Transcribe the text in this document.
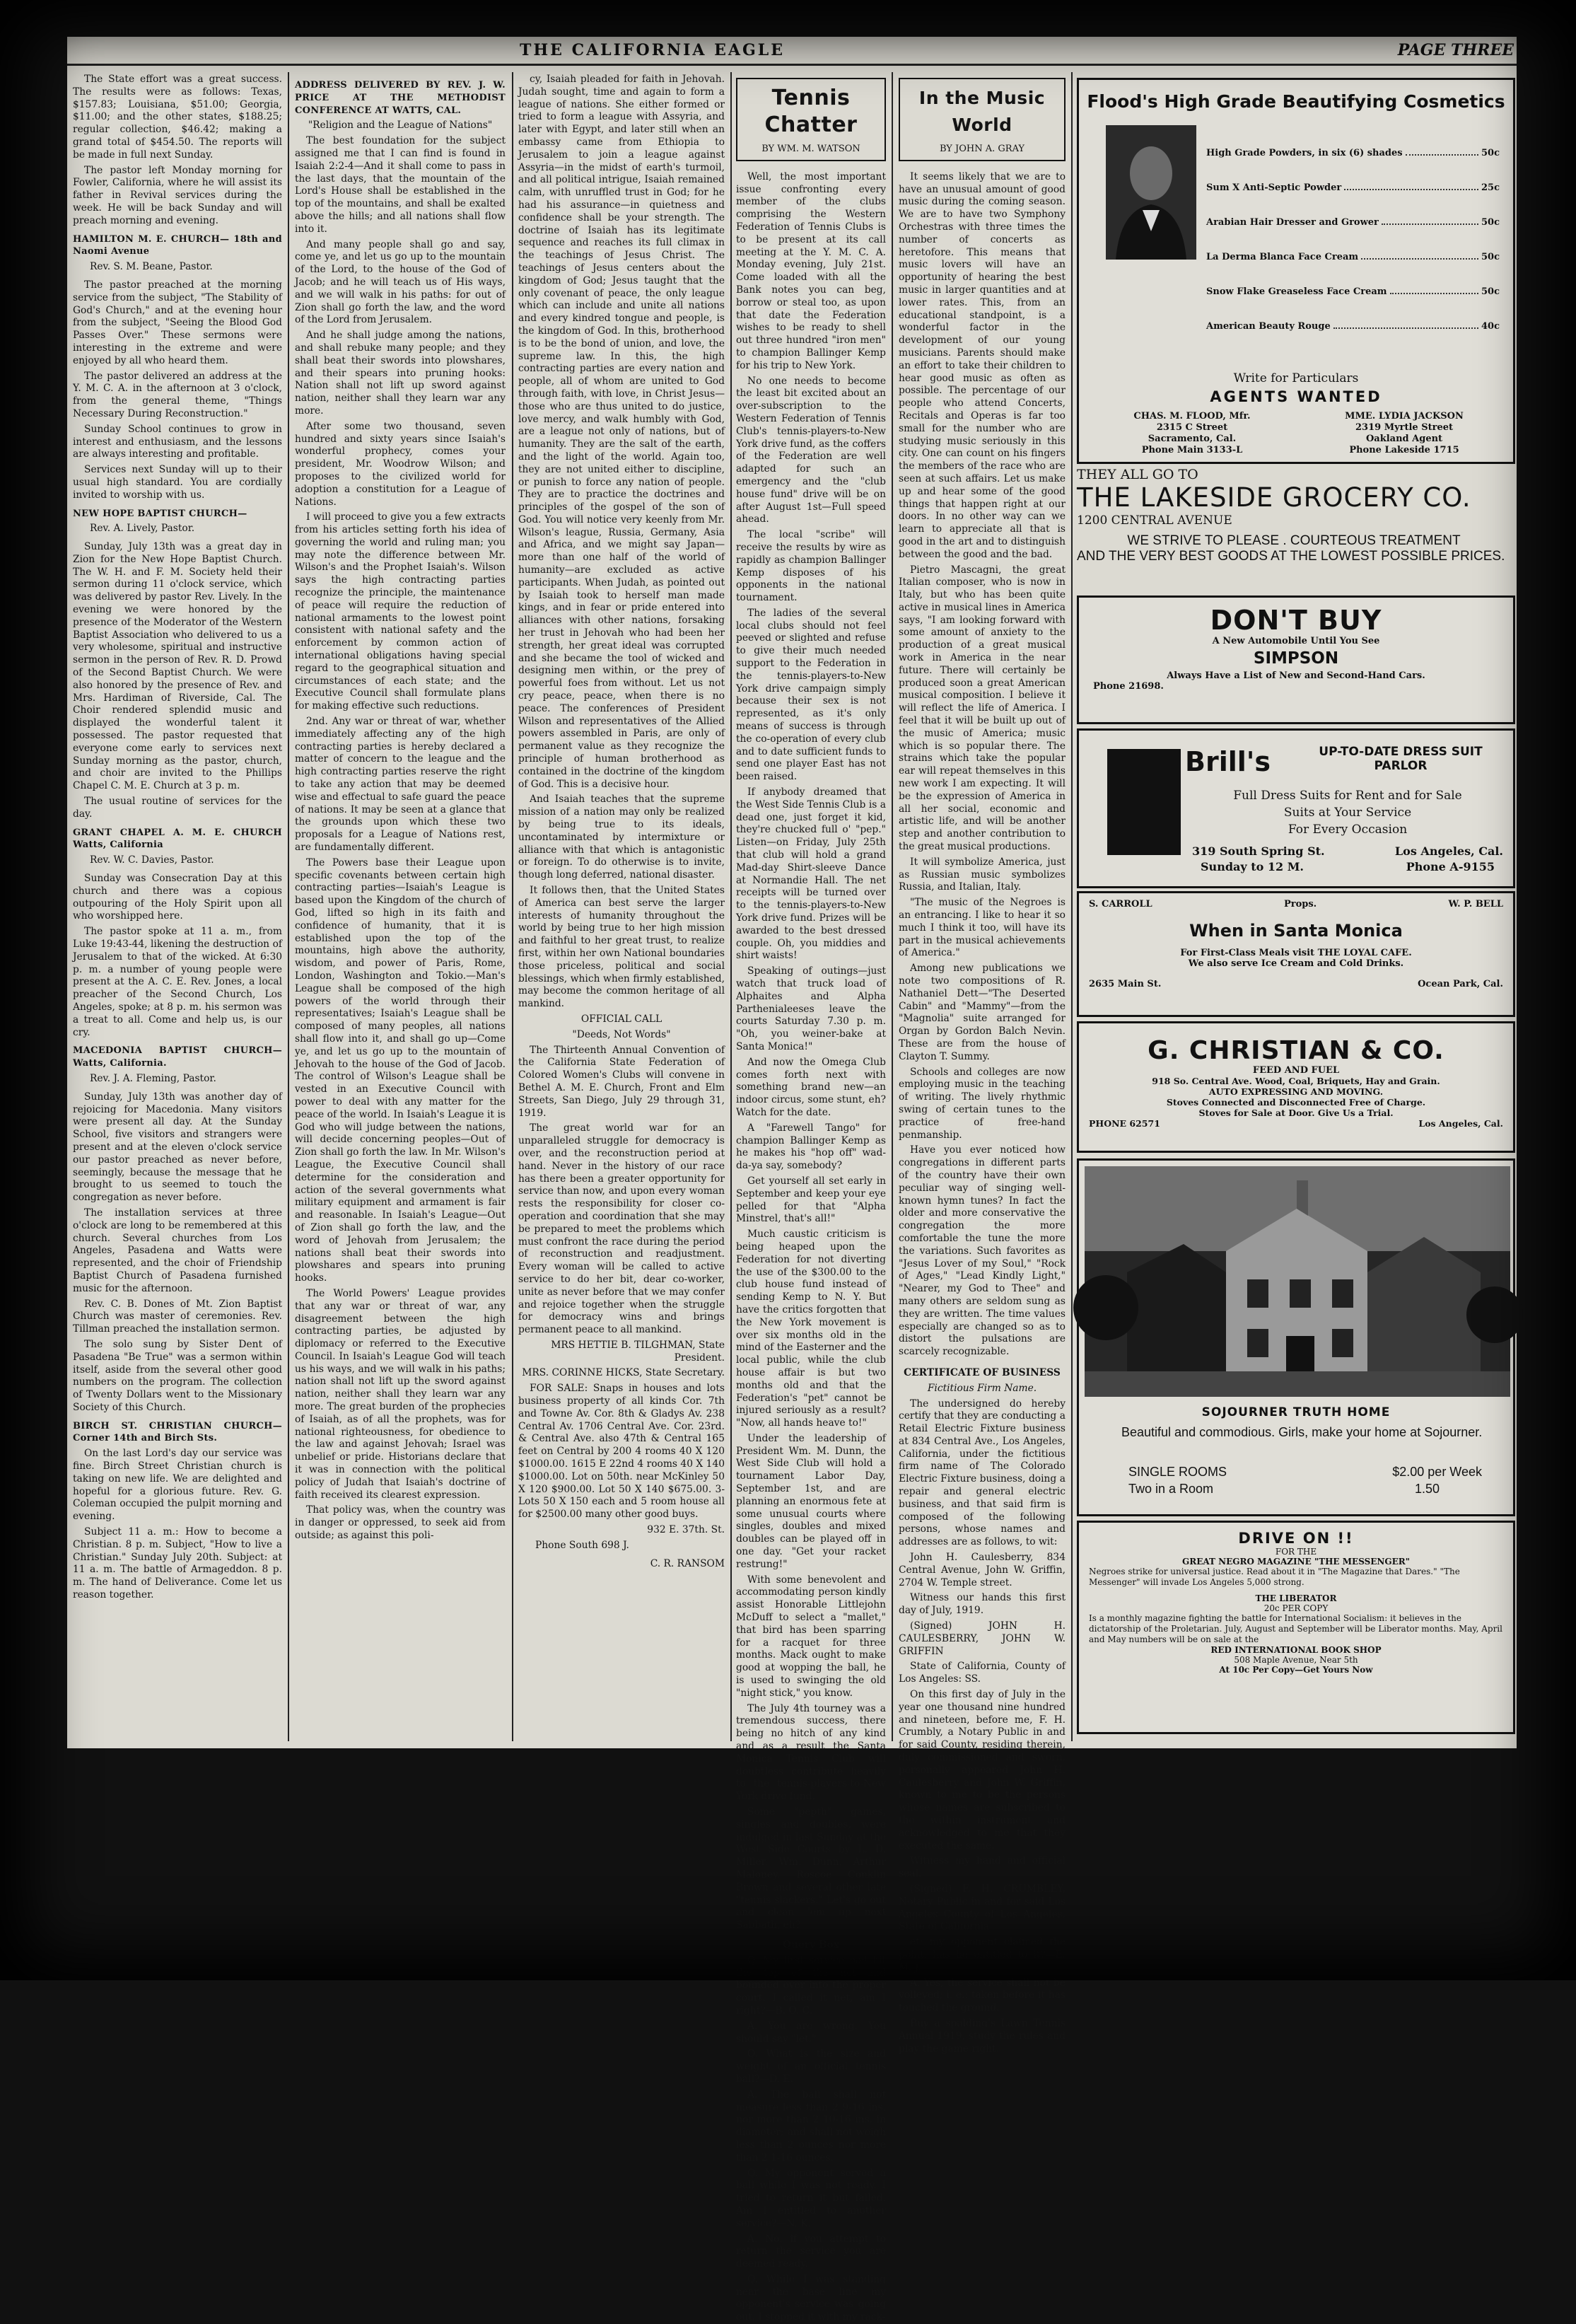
THE CALIFORNIA EAGLE	PAGE THREE

The State effort was a great success. The results were as follows: Texas, $157.83; Louisiana, $51.00; Georgia, $11.00; and the other states, $188.25; regular collection, $46.42; making a grand total of $454.50. The reports will be made in full next Sunday.

The pastor left Monday morning for Fowler, California, where he will assist its father in Revival services during the week. He will be back Sunday and will preach morning and evening.

HAMILTON M. E. CHURCH— 18th and Naomi Avenue

Rev. S. M. Beane, Pastor.

The pastor preached at the morning service from the subject, "The Stability of God's Church," and at the evening hour from the subject, "Seeing the Blood God Passes Over." These sermons were interesting in the extreme and were enjoyed by all who heard them.

The pastor delivered an address at the Y. M. C. A. in the afternoon at 3 o'clock, from the general theme, "Things Necessary During Reconstruction."

Sunday School continues to grow in interest and enthusiasm, and the lessons are always interesting and profitable.

Services next Sunday will up to their usual high standard. You are cordially invited to worship with us.

NEW HOPE BAPTIST CHURCH—

Rev. A. Lively, Pastor.

Sunday, July 13th was a great day in Zion for the New Hope Baptist Church. The W. H. and F. M. Society held their sermon during 11 o'clock service, which was delivered by pastor Rev. Lively. In the evening we were honored by the presence of the Moderator of the Western Baptist Association who delivered to us a very wholesome, spiritual and instructive sermon in the person of Rev. R. D. Prowd of the Second Baptist Church. We were also honored by the presence of Rev. and Mrs. Hardiman of Riverside, Cal. The Choir rendered splendid music and displayed the wonderful talent it possessed. The pastor requested that everyone come early to services next Sunday morning as the pastor, church, and choir are invited to the Phillips Chapel C. M. E. Church at 3 p. m.

The usual routine of services for the day.

GRANT CHAPEL A. M. E. CHURCH Watts, California

Rev. W. C. Davies, Pastor.

Sunday was Consecration Day at this church and there was a copious outpouring of the Holy Spirit upon all who worshipped here.

The pastor spoke at 11 a. m., from Luke 19:43-44, likening the destruction of Jerusalem to that of the wicked. At 6:30 p. m. a number of young people were present at the A. C. E. Rev. Jones, a local preacher of the Second Church, Los Angeles, spoke; at 8 p. m. his sermon was a treat to all. Come and help us, is our cry.

MACEDONIA BAPTIST CHURCH— Watts, California.

Rev. J. A. Fleming, Pastor.

Sunday, July 13th was another day of rejoicing for Macedonia. Many visitors were present all day. At the Sunday School, five visitors and strangers were present and at the eleven o'clock service our pastor preached as never before, seemingly, because the message that he brought to us seemed to touch the congregation as never before.

The installation services at three o'clock are long to be remembered at this church. Several churches from Los Angeles, Pasadena and Watts were represented, and the choir of Friendship Baptist Church of Pasadena furnished music for the afternoon.

Rev. C. B. Dones of Mt. Zion Baptist Church was master of ceremonies. Rev. Tillman preached the installation sermon.

The solo sung by Sister Dent of Pasadena "Be True" was a sermon within itself, aside from the several other good numbers on the program. The collection of Twenty Dollars went to the Missionary Society of this Church.

BIRCH ST. CHRISTIAN CHURCH— Corner 14th and Birch Sts.

On the last Lord's day our service was fine. Birch Street Christian church is taking on new life. We are delighted and hopeful for a glorious future. Rev. G. Coleman occupied the pulpit morning and evening.

Subject 11 a. m.: How to become a Christian. 8 p. m. Subject, "How to live a Christian." Sunday July 20th. Subject: at 11 a. m. The battle of Armageddon. 8 p. m. The hand of Deliverance. Come let us reason together.

ADDRESS DELIVERED BY REV. J. W. PRICE AT THE METHODIST CONFERENCE AT WATTS, CAL.

"Religion and the League of Nations"

The best foundation for the subject assigned me that I can find is found in Isaiah 2:2-4—And it shall come to pass in the last days, that the mountain of the Lord's House shall be established in the top of the mountains, and shall be exalted above the hills; and all nations shall flow into it.

And many people shall go and say, come ye, and let us go up to the mountain of the Lord, to the house of the God of Jacob; and he will teach us of His ways, and we will walk in his paths: for out of Zion shall go forth the law, and the word of the Lord from Jerusalem.

And he shall judge among the nations, and shall rebuke many people; and they shall beat their swords into plowshares, and their spears into pruning hooks: Nation shall not lift up sword against nation, neither shall they learn war any more.

After some two thousand, seven hundred and sixty years since Isaiah's wonderful prophecy, comes your president, Mr. Woodrow Wilson; and proposes to the civilized world for adoption a constitution for a League of Nations.

I will proceed to give you a few extracts from his articles setting forth his idea of governing the world and ruling man; you may note the difference between Mr. Wilson's and the Prophet Isaiah's. Wilson says the high contracting parties recognize the principle, the maintenance of peace will require the reduction of national armaments to the lowest point consistent with national safety and the enforcement by common action of international obligations having special regard to the geographical situation and circumstances of each state; and the Executive Council shall formulate plans for making effective such reductions.

2nd. Any war or threat of war, whether immediately affecting any of the high contracting parties is hereby declared a matter of concern to the league and the high contracting parties reserve the right to take any action that may be deemed wise and effectual to safe guard the peace of nations. It may be seen at a glance that the grounds upon which these two proposals for a League of Nations rest, are fundamentally different.

The Powers base their League upon specific covenants between certain high contracting parties—Isaiah's League is based upon the Kingdom of the church of God, lifted so high in its faith and confidence of humanity, that it is established upon the top of the mountains, high above the authority, wisdom, and power of Paris, Rome, London, Washington and Tokio.—Man's League shall be composed of the high powers of the world through their representatives; Isaiah's League shall be composed of many peoples, all nations shall flow into it, and shall go up—Come ye, and let us go up to the mountain of Jehovah to the house of the God of Jacob. The control of Wilson's League shall be vested in an Executive Council with power to deal with any matter for the peace of the world. In Isaiah's League it is God who will judge between the nations, will decide concerning peoples—Out of Zion shall go forth the law. In Mr. Wilson's League, the Executive Council shall determine for the consideration and action of the several governments what military equipment and armament is fair and reasonable. In Isaiah's League—Out of Zion shall go forth the law, and the word of Jehovah from Jerusalem; the nations shall beat their swords into plowshares and spears into pruning hooks.

The World Powers' League provides that any war or threat of war, any disagreement between the high contracting parties, be adjusted by diplomacy or referred to the Executive Council. In Isaiah's League God will teach us his ways, and we will walk in his paths; nation shall not lift up the sword against nation, neither shall they learn war any more. The great burden of the prophecies of Isaiah, as of all the prophets, was for national righteousness, for obedience to the law and against Jehovah; Israel was unbelief or pride. Historians declare that it was in connection with the political policy of Judah that Isaiah's doctrine of faith received its clearest expression.

That policy was, when the country was in danger or oppressed, to seek aid from outside; as against this poli-

cy, Isaiah pleaded for faith in Jehovah. Judah sought, time and again to form a league of nations. She either formed or tried to form a league with Assyria, and later with Egypt, and later still when an embassy came from Ethiopia to Jerusalem to join a league against Assyria—in the midst of earth's turmoil, and all political intrigue, Isaiah remained calm, with unruffled trust in God; for he had his assurance—in quietness and confidence shall be your strength. The doctrine of Isaiah has its legitimate sequence and reaches its full climax in the teachings of Jesus Christ. The teachings of Jesus centers about the kingdom of God; Jesus taught that the only covenant of peace, the only league which can include and unite all nations and every kindred tongue and people, is the kingdom of God. In this, brotherhood is to be the bond of union, and love, the supreme law. In this, the high contracting parties are every nation and people, all of whom are united to God through faith, with love, in Christ Jesus—those who are thus united to do justice, love mercy, and walk humbly with God, are a league not only of nations, but of humanity. They are the salt of the earth, and the light of the world. Again too, they are not united either to discipline, or punish to force any nation of people. They are to practice the doctrines and principles of the gospel of the son of God. You will notice very keenly from Mr. Wilson's league, Russia, Germany, Asia and Africa, and we might say Japan—more than one half of the world of humanity—are excluded as active participants. When Judah, as pointed out by Isaiah took to herself man made kings, and in fear or pride entered into alliances with other nations, forsaking her trust in Jehovah who had been her strength, her great ideal was corrupted and she became the tool of wicked and designing men within, or the prey of powerful foes from without. Let us not cry peace, peace, when there is no peace. The conferences of President Wilson and representatives of the Allied powers assembled in Paris, are only of permanent value as they recognize the principle of human brotherhood as contained in the doctrine of the kingdom of God. This is a decisive hour.

And Isaiah teaches that the supreme mission of a nation may only be realized by being true to its ideals, uncontaminated by intermixture or alliance with that which is antagonistic or foreign. To do otherwise is to invite, though long deferred, national disaster.

It follows then, that the United States of America can best serve the larger interests of humanity throughout the world by being true to her high mission and faithful to her great trust, to realize first, within her own National boundaries those priceless, political and social blessings, which when firmly established, may become the common heritage of all mankind.

OFFICIAL CALL

"Deeds, Not Words"

The Thirteenth Annual Convention of the California State Federation of Colored Women's Clubs will convene in Bethel A. M. E. Church, Front and Elm Streets, San Diego, July 29 through 31, 1919.

The great world war for an unparalleled struggle for democracy is over, and the reconstruction period at hand. Never in the history of our race has there been a greater opportunity for service than now, and upon every woman rests the responsibility for closer co-operation and coordination that she may be prepared to meet the problems which must confront the race during the period of reconstruction and readjustment. Every woman will be called to active service to do her bit, dear co-worker, unite as never before that we may confer and rejoice together when the struggle for democracy wins and brings permanent peace to all mankind.

MRS HETTIE B. TILGHMAN, State President.

MRS. CORINNE HICKS, State Secretary.

FOR SALE: Snaps in houses and lots business property of all kinds Cor. 7th and Towne Av. Cor. 8th & Gladys Av. 238 Central Av. 1706 Central Ave. Cor. 23rd. & Central Ave. also 47th & Central 165 feet on Central by 200 4 rooms 40 X 120 $1000.00. 1615 E 22nd 4 rooms 40 X 140 $1000.00. Lot on 50th. near McKinley 50 X 120 $900.00. Lot 50 X 140 $675.00. 3-Lots 50 X 150 each and 5 room house all for $2500.00 many other good buys.

932 E. 37th. St.

Phone South 698 J.

C. R. RANSOM

Tennis Chatter
BY WM. M. WATSON

Well, the most important issue confronting every member of the clubs comprising the Western Federation of Tennis Clubs is to be present at its call meeting at the Y. M. C. A. Monday evening, July 21st. Come loaded with all the Bank notes you can beg, borrow or steal too, as upon that date the Federation wishes to be ready to shell out three hundred "iron men" to champion Ballinger Kemp for his trip to New York.

No one needs to become the least bit excited about an over-subscription to the Western Federation of Tennis Club's tennis-players-to-New York drive fund, as the coffers of the Federation are well adapted for such an emergency and the "club house fund" drive will be on after August 1st—Full speed ahead.

The local "scribe" will receive the results by wire as rapidly as champion Ballinger Kemp disposes of his opponents in the national tournament.

The ladies of the several local clubs should not feel peeved or slighted and refuse to give their much needed support to the Federation in the tennis-players-to-New York drive campaign simply because their sex is not represented, as it's only means of success is through the co-operation of every club and to date sufficient funds to send one player East has not been raised.

If anybody dreamed that the West Side Tennis Club is a dead one, just forget it kid, they're chucked full o' "pep." Listen—on Friday, July 25th that club will hold a grand Mad-day Shirt-sleeve Dance at Normandie Hall. The net receipts will be turned over to the tennis-players-to-New York drive fund. Prizes will be awarded to the best dressed couple. Oh, you middies and shirt waists!

Speaking of outings—just watch that truck load of Alphaites and Alpha Parthenialeeses leave the courts Saturday 7.30 p. m. "Oh, you weiner-bake at Santa Monica!"

And now the Omega Club comes forth next with something brand new—an indoor circus, some stunt, eh? Watch for the date.

A "Farewell Tango" for champion Ballinger Kemp as he makes his "hop off" wad-da-ya say, somebody?

Get yourself all set early in September and keep your eye pelled for that "Alpha Minstrel, that's all!"

Much caustic criticism is being heaped upon the Federation for not diverting the use of the $300.00 to the club house fund instead of sending Kemp to N. Y. But have the critics forgotten that the New York movement is over six months old in the mind of the Easterner and the local public, while the club house affair is but two months old and that the Federation's "pet" cannot be injured seriously as a result? "Now, all hands heave to!"

Under the leadership of President Wm. M. Dunn, the West Side Club will hold a tournament Labor Day, September 1st, and are planning an enormous fete at some unusual courts where singles, doubles and mixed doubles can be played off in one day. "Get your racket restrung!"

With some benevolent and accommodating person kindly assist Honorable Littlejohn McDuff to select a "mallet," that bird has been sparring for a racquet for three months. Mack ought to make good at wopping the ball, he is used to swinging the old "night stick," you know.

The July 4th tourney was a tremendous success, there being no hitch of any kind and as a result the Santa Monica Tennis Club will doubtless contribute heavily to the tennis-players-to-New York drive fund.

Some "pepth" games, singles and doubles, were indulged in last Sunday at the West Side Courts by L. D. Miller, Wm. Dunn, Arthur Maloney, Roscoe Conklin Brown and several other late "tennis slackers." Let's go out and clean 'em up next Sabbath, eh?

Query Box

Q. My first service ball hit the top of the net and bounded over into the proper court. I called it net, am I right?—B. O. C.

A. You are wrong. You should say "let."

Q. What is the size and weight of an official tennis ball?—D. E.

A. The ball shall not measure less than 2 9-16 ins. nor more than 2 10-16 ins. in diameter; and shall not weigh less than 2 ounces nor more than 2 1-16 ounces.

Q. My opponent served a ball while I was not ready. I tried to return it but failed. Am I entitled to another service?—N. K.

A. No, if you attempt to return the service you are deemed ready.

Q. While I was standing near the base line my opponent's service was going out, I stopped it with my rack-

In the Music World
BY JOHN A. GRAY

It seems likely that we are to have an unusual amount of good music during the coming season. We are to have two Symphony Orchestras with three times the number of concerts as heretofore. This means that music lovers will have an opportunity of hearing the best music in larger quantities and at lower rates. This, from an educational standpoint, is a wonderful factor in the development of our young musicians. Parents should make an effort to take their children to hear good music as often as possible. The percentage of our people who attend Concerts, Recitals and Operas is far too small for the number who are studying music seriously in this city. One can count on his fingers the members of the race who are seen at such affairs. Let us make up and hear some of the good things that happen right at our doors. In no other way can we learn to appreciate all that is good in the art and to distinguish between the good and the bad.

Pietro Mascagni, the great Italian composer, who is now in Italy, but who has been quite active in musical lines in America says, "I am looking forward with some amount of anxiety to the production of a great musical work in America in the near future. There will certainly be produced soon a great American musical composition. I believe it will reflect the life of America. I feel that it will be built up out of the music of America; music which is so popular there. The strains which take the popular ear will repeat themselves in this new work I am expecting. It will be the expression of America in all her social, economic and artistic life, and will be another step and another contribution to the great musical productions.

It will symbolize America, just as Russian music symbolizes Russia, and Italian, Italy.

"The music of the Negroes is an entrancing. I like to hear it so much I think it too, will have its part in the musical achievements of America."

Among new publications we note two compositions of R. Nathaniel Dett—"The Deserted Cabin" and "Mammy"—from the "Magnolia" suite arranged for Organ by Gordon Balch Nevin. These are from the house of Clayton T. Summy.

Schools and colleges are now employing music in the teaching of writing. The lively rhythmic swing of certain tunes to the practice of free-hand penmanship.

Have you ever noticed how congregations in different parts of the country have their own peculiar way of singing well-known hymn tunes? In fact the older and more conservative the congregation the more comfortable the tune the more the variations. Such favorites as "Jesus Lover of my Soul," "Rock of Ages," "Lead Kindly Light," "Nearer, my God to Thee" and many others are seldom sung as they are written. The time values especially are changed so as to distort the pulsations are scarcely recognizable.

CERTIFICATE OF BUSINESS

Fictitious Firm Name.

The undersigned do hereby certify that they are conducting a Retail Electric Fixture business at 834 Central Ave., Los Angeles, California, under the fictitious firm name of The Colorado Electric Fixture business, doing a repair and general electric business, and that said firm is composed of the following persons, whose names and addresses are as follows, to wit:

John H. Caulesberry, 834 Central Avenue, John W. Griffin, 2704 W. Temple street.

Witness our hands this first day of July, 1919.

(Signed) JOHN H. CAULESBERRY, JOHN W. GRIFFIN

State of California, County of Los Angeles: SS.

On this first day of July in the year one thousand nine hundred and nineteen, before me, F. H. Crumbly, a Notary Public in and for said County, residing therein, duly commissioned and sworn, personally appeared John H. Caulesberry and John W. Griffin, known to me to be the persons whose names are subscribed to the within instrument and acknowledged to me that they executed the same.

Witness my hand and official seal.

(Signed) F. H. CRUMBLEY, Notary Public in and for said Los Angeles County of Los Angeles, State of California.

et; my opponent claimed the point, has he entitled to it?—E. M. J.

A. Yes, the service shall not be volleyed; i. e.: taken before it has touched the ground.

Buy a spalding's Lawn Tennis Annual 1919, study the rules and play the game right.

Flood's High Grade Beautifying Cosmetics
High Grade Powders, in six (6) shades	50c
Sum X Anti-Septic Powder	25c
Arabian Hair Dresser and Grower	50c
La Derma Blanca Face Cream	50c
Snow Flake Greaseless Face Cream	50c
American Beauty Rouge	40c
Write for Particulars
AGENTS WANTED
CHAS. M. FLOOD, Mfr.
2315 C Street
Sacramento, Cal.
Phone Main 3133-L
MME. LYDIA JACKSON
2319 Myrtle Street
Oakland Agent
Phone Lakeside 1715
THEY ALL GO TO
THE LAKESIDE GROCERY CO.
1200 CENTRAL AVENUE
WE STRIVE TO PLEASE . COURTEOUS TREATMENT
AND THE VERY BEST GOODS AT THE LOWEST POSSIBLE PRICES.
DON'T BUY
A New Automobile Until You See
SIMPSON
Always Have a List of New and Second-Hand Cars.
Phone 21698.
Brill's	UP-TO-DATE DRESS SUIT
PARLOR
Full Dress Suits for Rent and for Sale
Suits at Your Service
For Every Occasion
319 South Spring St.	Los Angeles, Cal.
Sunday to 12 M.	Phone A-9155
S. CARROLL	Props.	W. P. BELL
When in Santa Monica
For First-Class Meals visit THE LOYAL CAFE.
We also serve Ice Cream and Cold Drinks.
2635 Main St.	Ocean Park, Cal.
G. CHRISTIAN & CO.
FEED AND FUEL
918 So. Central Ave. Wood, Coal, Briquets, Hay and Grain.
AUTO EXPRESSING AND MOVING.
Stoves Connected and Disconnected Free of Charge.
Stoves for Sale at Door. Give Us a Trial.
PHONE 62571	Los Angeles, Cal.
SOJOURNER TRUTH HOME
Beautiful and commodious. Girls, make your home at Sojourner.
SINGLE ROOMS	$2.00 per Week
Two in a Room	1.50
DRIVE ON !!
FOR THE
GREAT NEGRO MAGAZINE "THE MESSENGER"
Negroes strike for universal justice. Read about it in "The Magazine that Dares." "The Messenger" will invade Los Angeles 5,000 strong.
THE LIBERATOR
20c PER COPY
Is a monthly magazine fighting the battle for International Socialism: it believes in the dictatorship of the Proletarian. July, August and September will be Liberator months. May, April and May numbers will be on sale at the
RED INTERNATIONAL BOOK SHOP
508 Maple Avenue, Near 5th
At 10c Per Copy—Get Yours Now
